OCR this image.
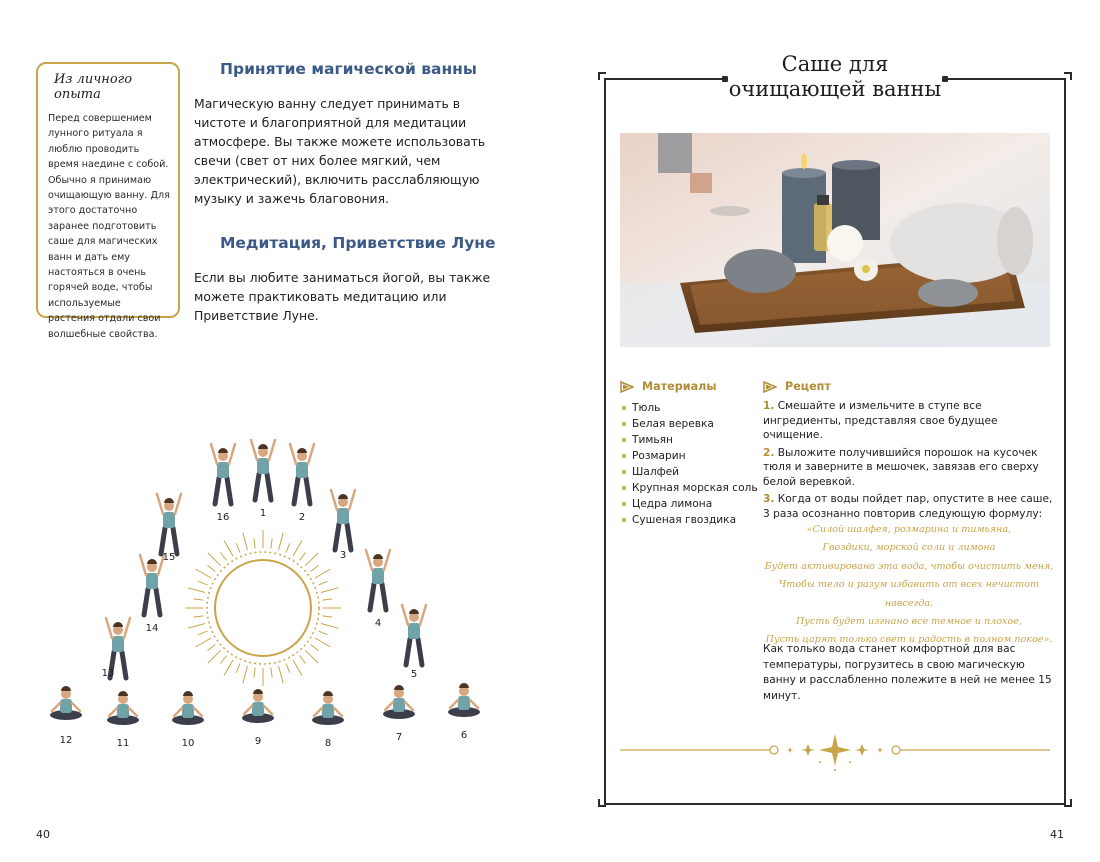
Из личного опыта
Перед совершением лунного ритуала я люблю проводить время наедине с собой. Обычно я принимаю очищающую ванну. Для этого достаточно заранее подготовить саше для магических ванн и дать ему настояться в очень горячей воде, чтобы используемые растения отдали свои волшебные свойства.
Принятие магической ванны

Магическую ванну следует принимать в чистоте и благоприятной для медитации атмосфере. Вы также можете использовать свечи (свет от них более мягкий, чем электрический), включить расслабляющую музыку и зажечь благовония.

Медитация, Приветствие Луне

Если вы любите заниматься йогой, вы также можете практиковать медитацию или Приветствие Луне.

1	2
3
4
5
6
7
8
9
10
11
12
13
14
15
16
40
Саше для
очищающей ванны
Материалы	Рецепт
Тюль
Белая веревка
Тимьян
Розмарин
Шалфей
Крупная морская соль
Цедра лимона
Сушеная гвоздика
1. Смешайте и измельчите в ступе все ингредиенты, представляя свое будущее очищение.
2. Выложите получившийся порошок на кусочек тюля и заверните в мешочек, завязав его сверху белой веревкой.
3. Когда от воды пойдет пар, опустите в нее саше, 3 раза осознанно повторив следующую формулу:
«Силой шалфея, розмарина и тимьяна,
Гвоздики, морской соли и лимона
Будет активировано эта вода, чтобы очистить меня,
Чтобы тело и разум избавить от всех нечистот навсегда.
Пусть будет изгнано все темное и плохое,
Пусть царят только свет и радость в полном покое».
Как только вода станет комфортной для вас температуры, погрузитесь в свою магическую ванну и расслабленно полежите в ней не менее 15 минут.
41
